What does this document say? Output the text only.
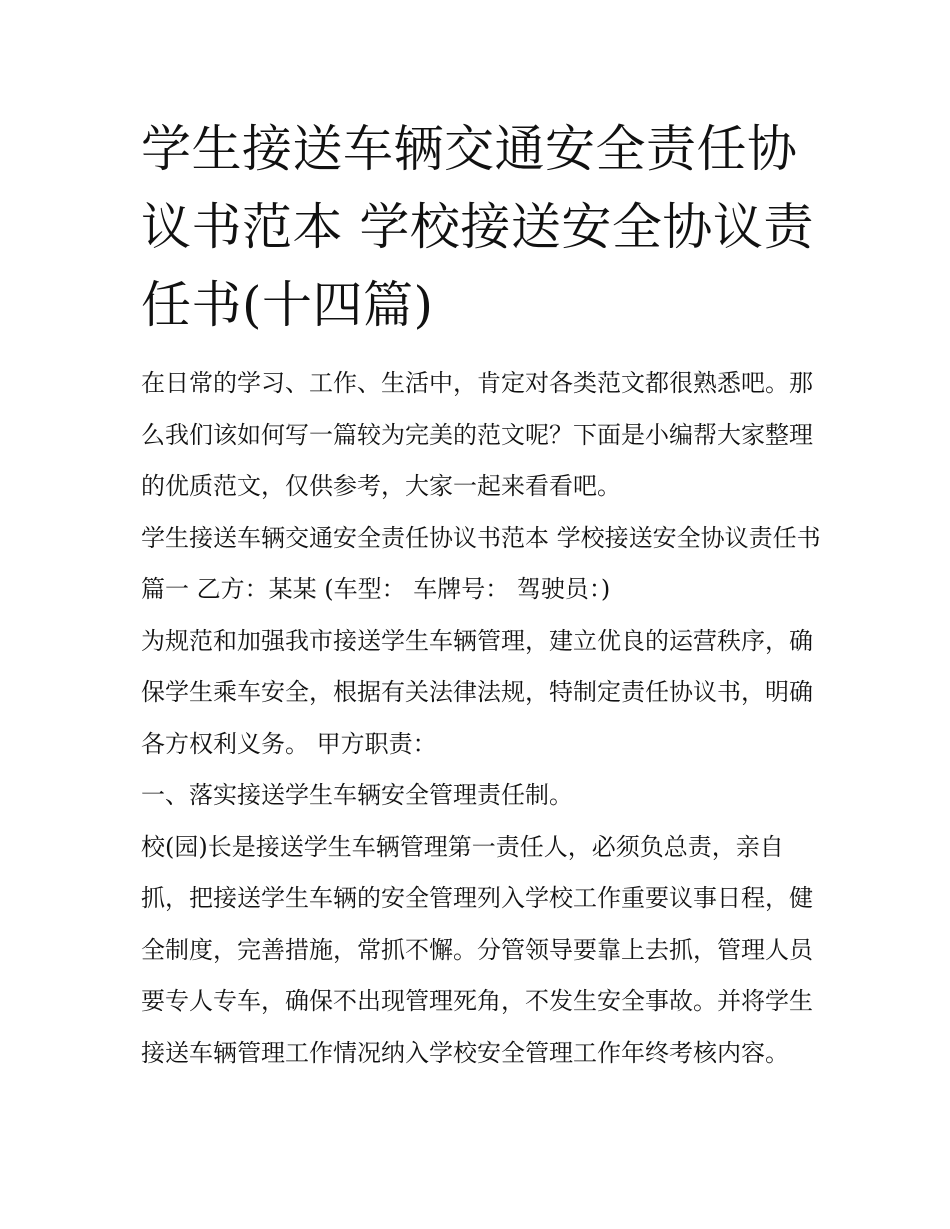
学生接送车辆交通安全责任协议书范本 学校接送安全协议责任书(十四篇)

在日常的学习、工作、生活中，肯定对各类范文都很熟悉吧。那么我们该如何写一篇较为完美的范文呢？下面是小编帮大家整理的优质范文，仅供参考，大家一起来看看吧。

学生接送车辆交通安全责任协议书范本 学校接送安全协议责任书篇一 乙方：某某 (车型： 车牌号： 驾驶员：)

为规范和加强我市接送学生车辆管理，建立优良的运营秩序，确保学生乘车安全，根据有关法律法规，特制定责任协议书，明确各方权利义务。 甲方职责：

一、落实接送学生车辆安全管理责任制。

校(园)长是接送学生车辆管理第一责任人，必须负总责，亲自抓，把接送学生车辆的安全管理列入学校工作重要议事日程，健全制度，完善措施，常抓不懈。分管领导要靠上去抓，管理人员要专人专车，确保不出现管理死角，不发生安全事故。并将学生接送车辆管理工作情况纳入学校安全管理工作年终考核内容。
